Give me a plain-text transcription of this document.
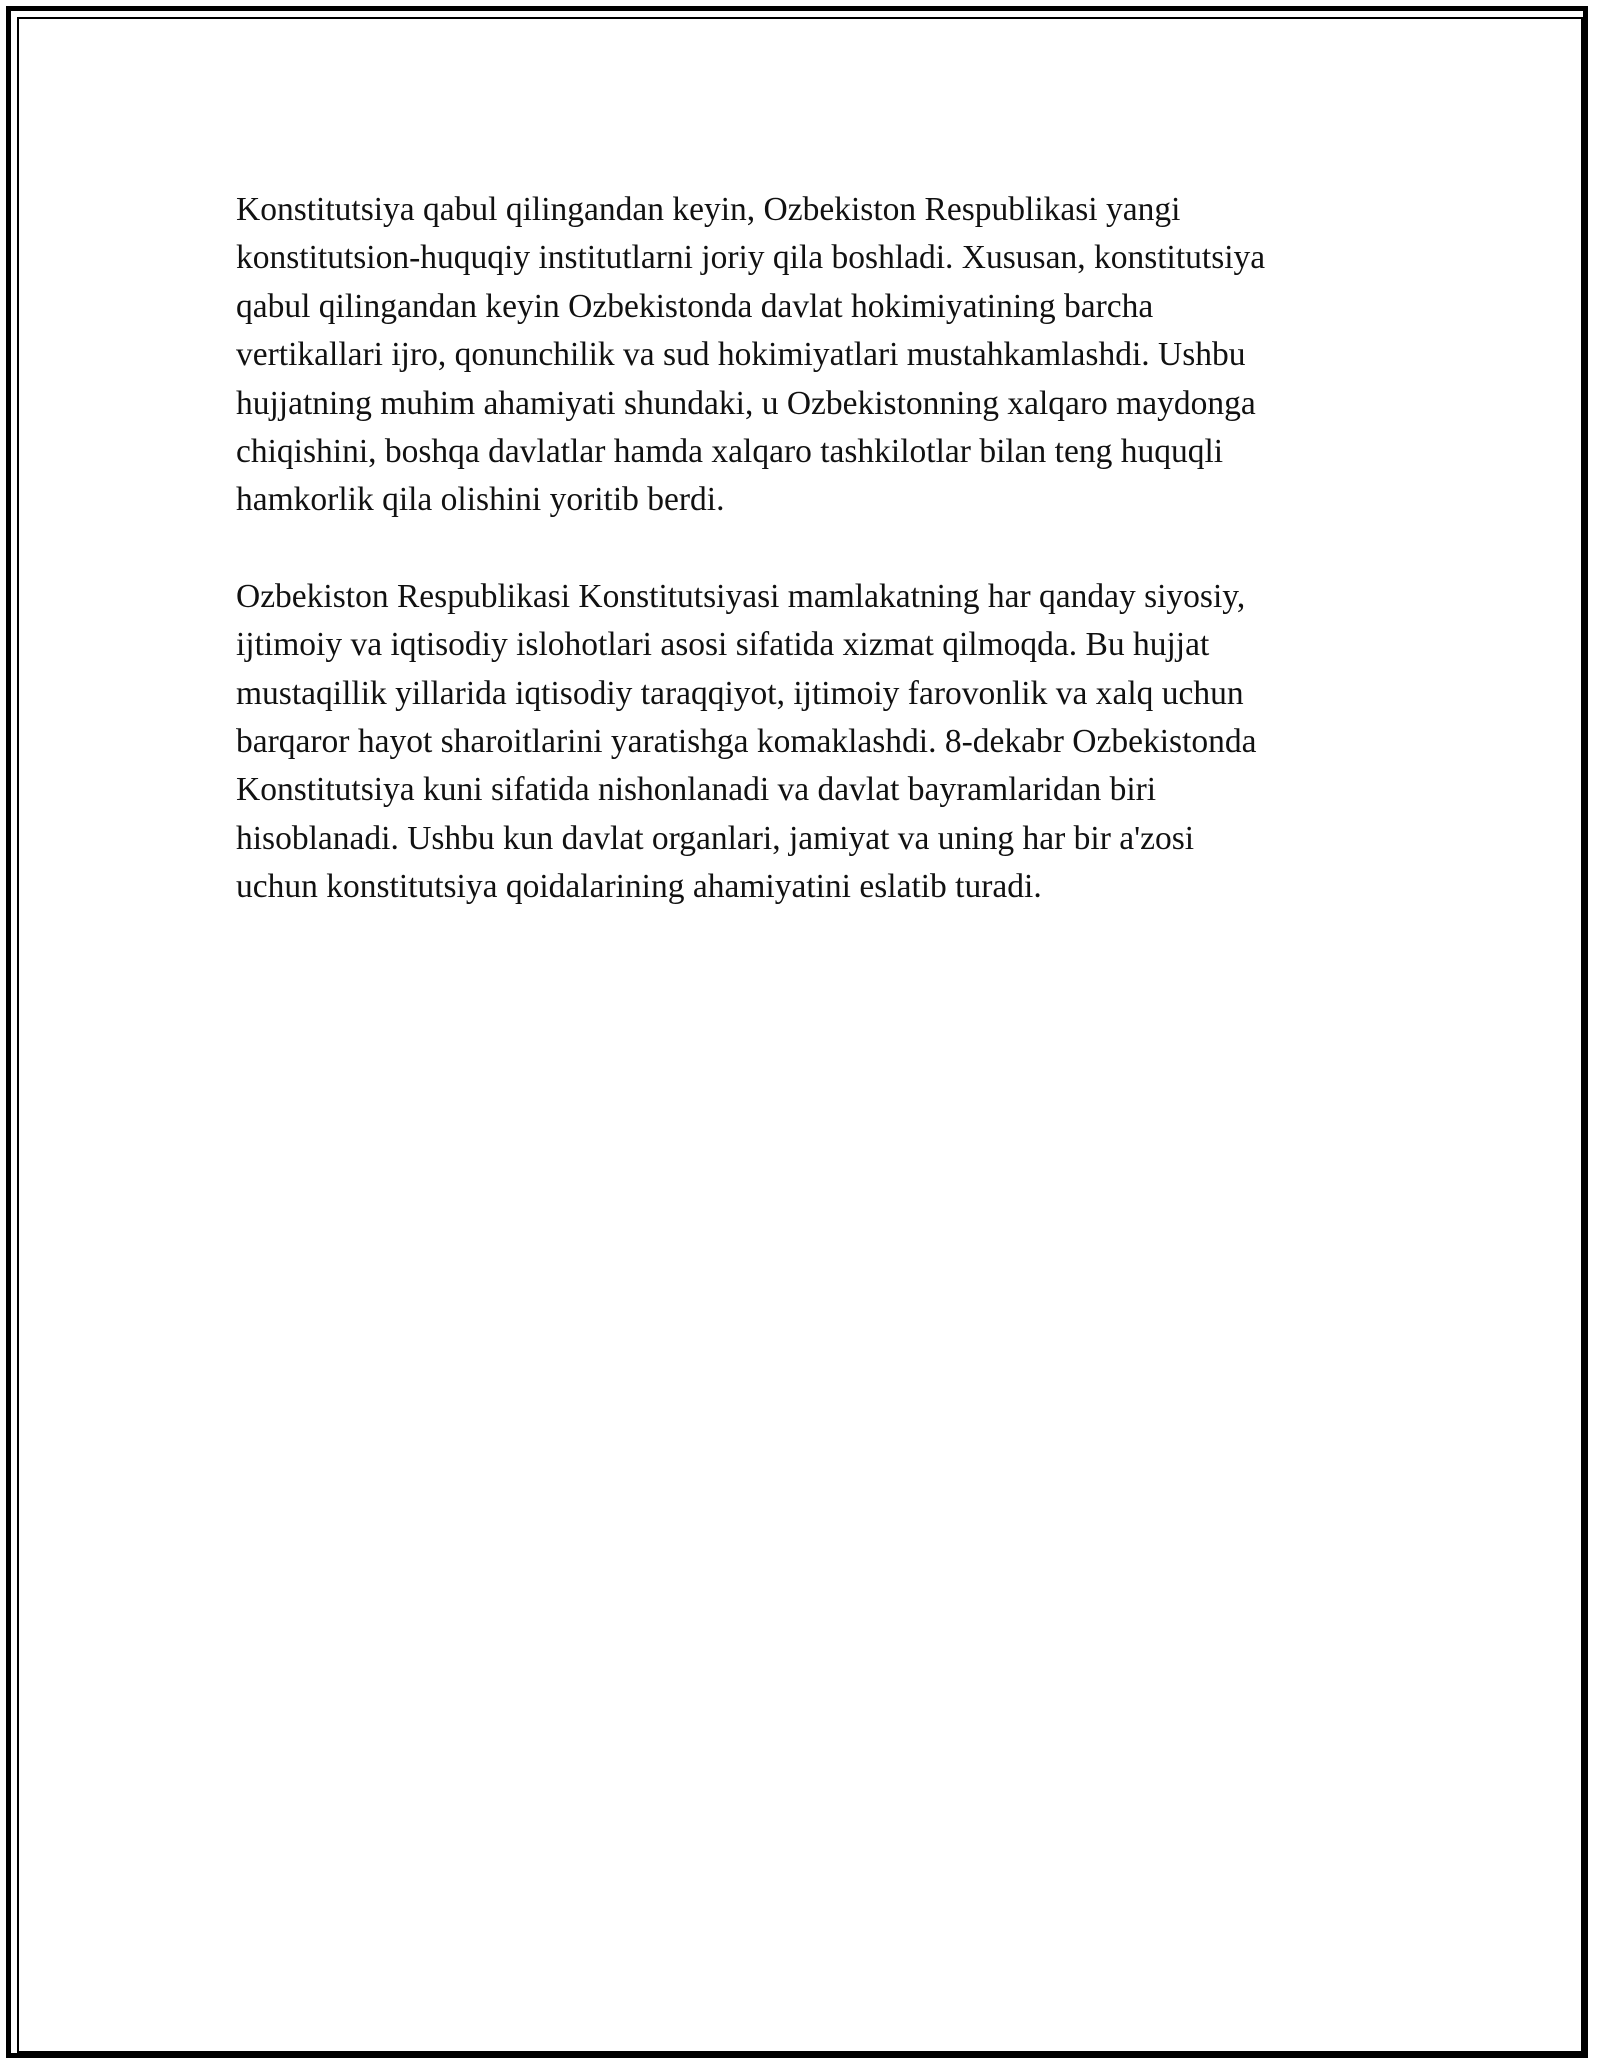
Konstitutsiya qabul qilingandan keyin, Ozbekiston Respublikasi yangi
konstitutsion-huquqiy institutlarni joriy qila boshladi. Xususan, konstitutsiya
qabul qilingandan keyin Ozbekistonda davlat hokimiyatining barcha
vertikallari ijro, qonunchilik va sud hokimiyatlari mustahkamlashdi. Ushbu
hujjatning muhim ahamiyati shundaki, u Ozbekistonning xalqaro maydonga
chiqishini, boshqa davlatlar hamda xalqaro tashkilotlar bilan teng huquqli
hamkorlik qila olishini yoritib berdi.

Ozbekiston Respublikasi Konstitutsiyasi mamlakatning har qanday siyosiy,
ijtimoiy va iqtisodiy islohotlari asosi sifatida xizmat qilmoqda. Bu hujjat
mustaqillik yillarida iqtisodiy taraqqiyot, ijtimoiy farovonlik va xalq uchun
barqaror hayot sharoitlarini yaratishga komaklashdi. 8-dekabr Ozbekistonda
Konstitutsiya kuni sifatida nishonlanadi va davlat bayramlaridan biri
hisoblanadi. Ushbu kun davlat organlari, jamiyat va uning har bir a'zosi
uchun konstitutsiya qoidalarining ahamiyatini eslatib turadi.
